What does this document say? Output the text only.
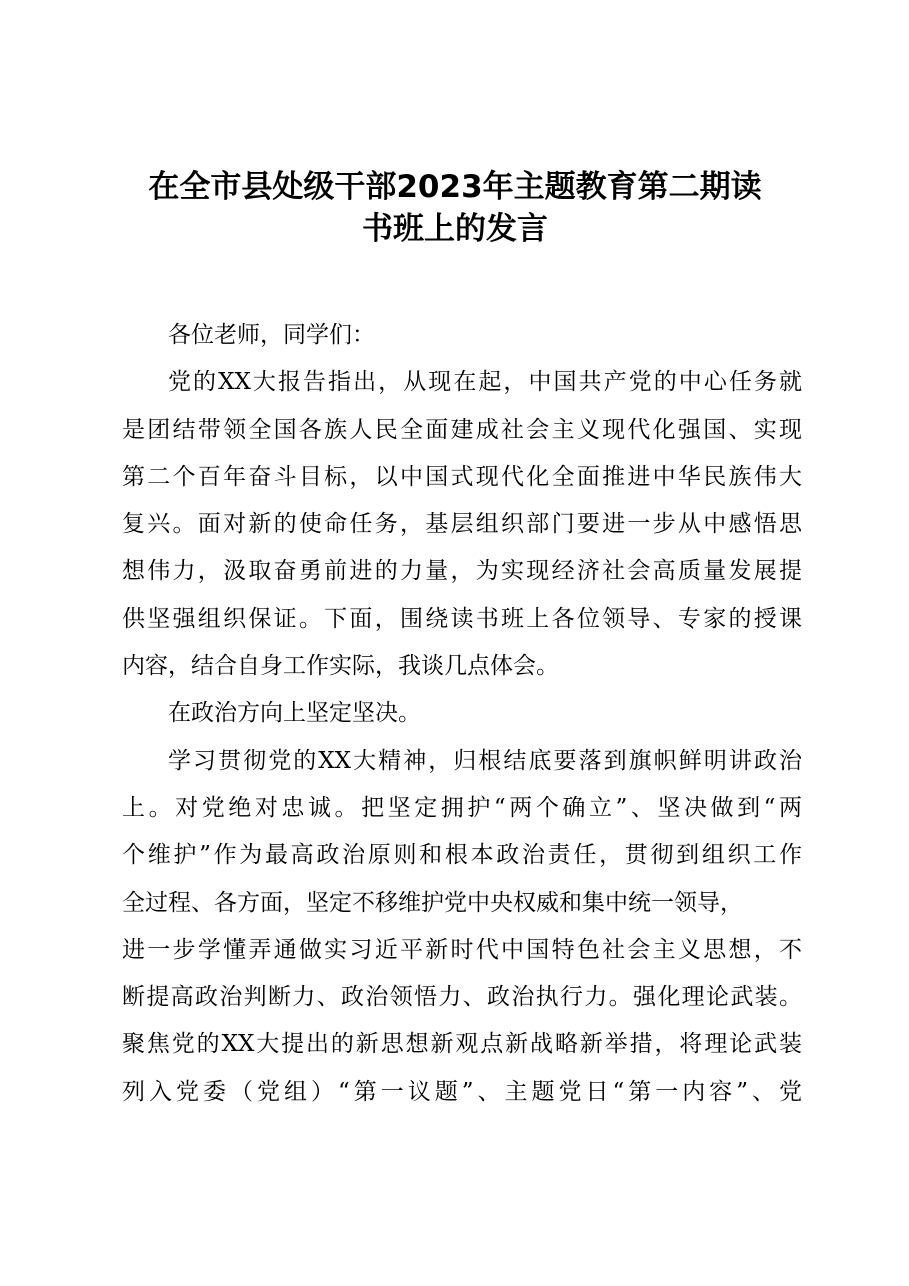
在全市县处级干部2023年主题教育第二期读
书班上的发言
各位老师，同学们：
党的XX大报告指出，从现在起，中国共产党的中心任务就
是团结带领全国各族人民全面建成社会主义现代化强国、实现
第二个百年奋斗目标，以中国式现代化全面推进中华民族伟大
复兴。面对新的使命任务，基层组织部门要进一步从中感悟思
想伟力，汲取奋勇前进的力量，为实现经济社会高质量发展提
供坚强组织保证。下面，围绕读书班上各位领导、专家的授课
内容，结合自身工作实际，我谈几点体会。
在政治方向上坚定坚决。
学习贯彻党的XX大精神，归根结底要落到旗帜鲜明讲政治
上。对党绝对忠诚。把坚定拥护“两个确立”、坚决做到“两
个维护”作为最高政治原则和根本政治责任，贯彻到组织工作
全过程、各方面，坚定不移维护党中央权威和集中统一领导，
进一步学懂弄通做实习近平新时代中国特色社会主义思想，不
断提高政治判断力、政治领悟力、政治执行力。强化理论武装。
聚焦党的XX大提出的新思想新观点新战略新举措，将理论武装
列入党委（党组）“第一议题”、主题党日“第一内容”、党
